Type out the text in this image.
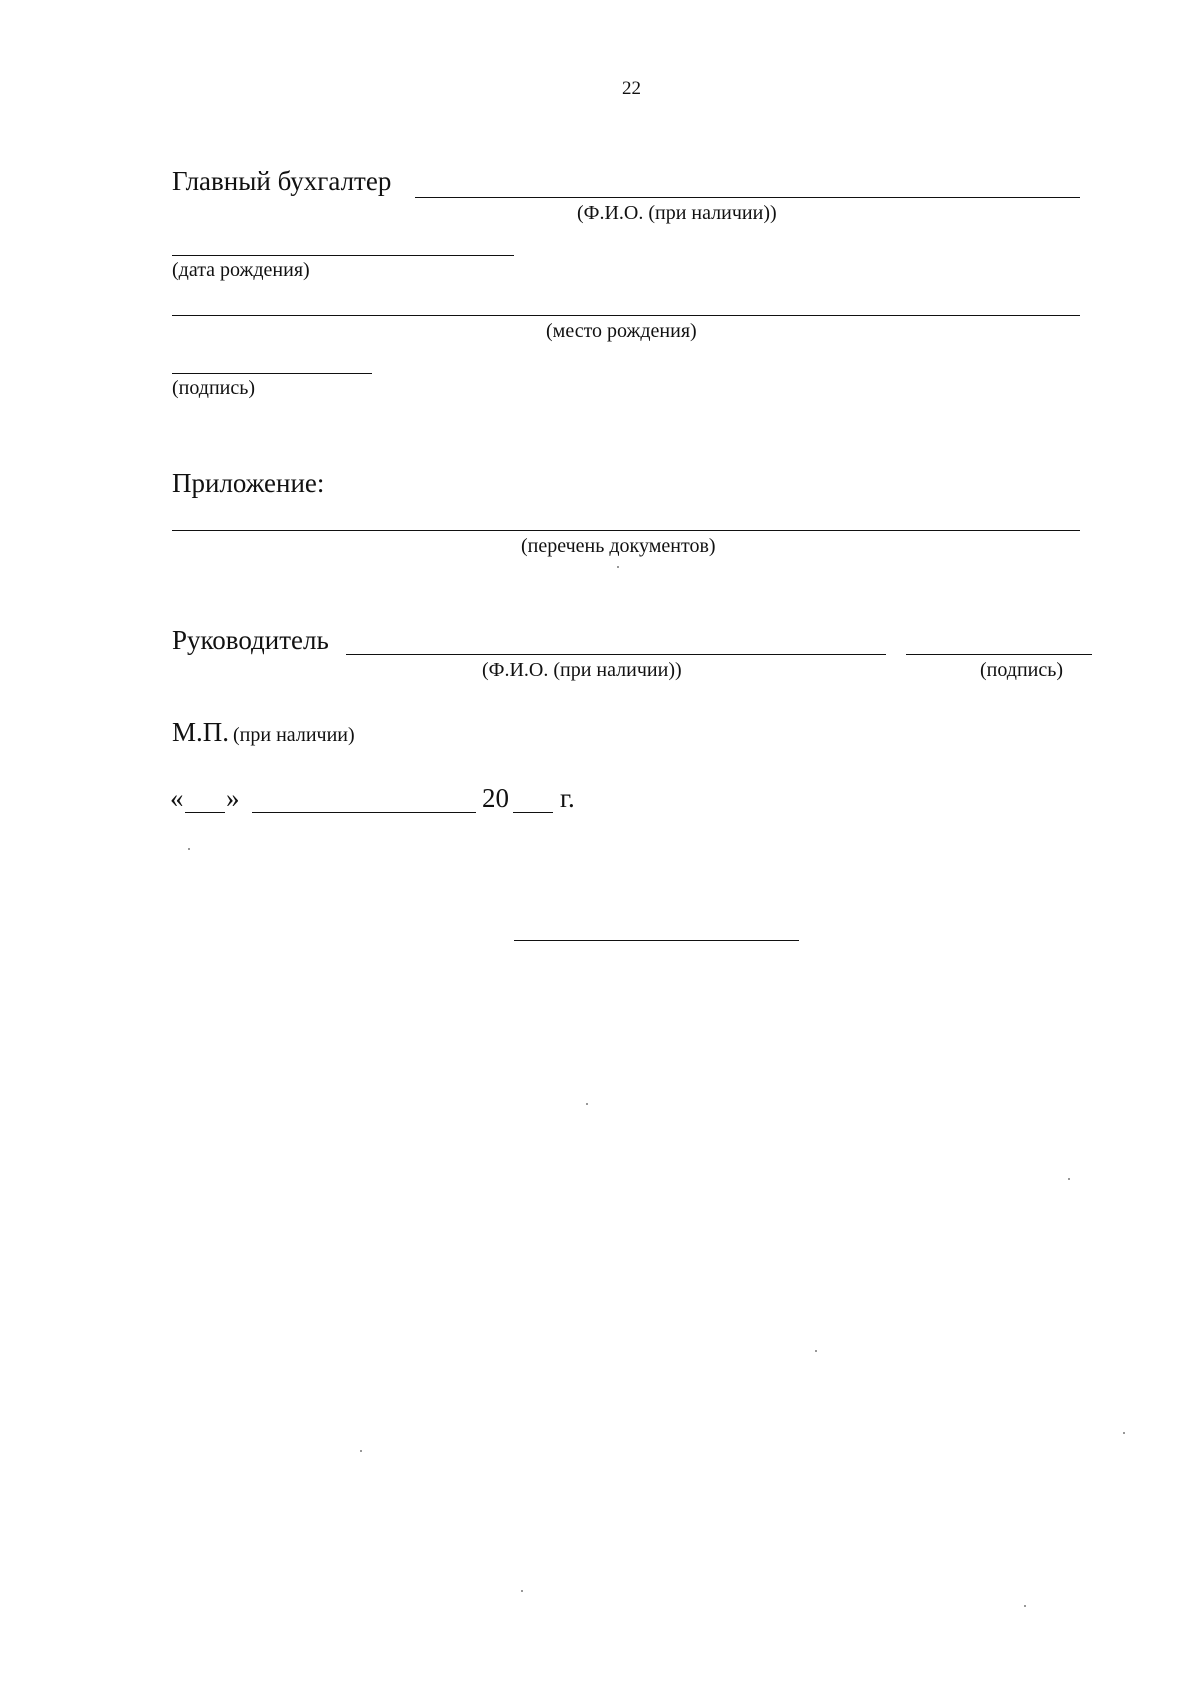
22
Главный бухгалтер
(Ф.И.О. (при наличии))
(дата рождения)
(место рождения)
(подпись)
Приложение:
(перечень документов)
Руководитель
(Ф.И.О. (при наличии))	(подпись)
М.П. (при наличии)
« »	20 г.
